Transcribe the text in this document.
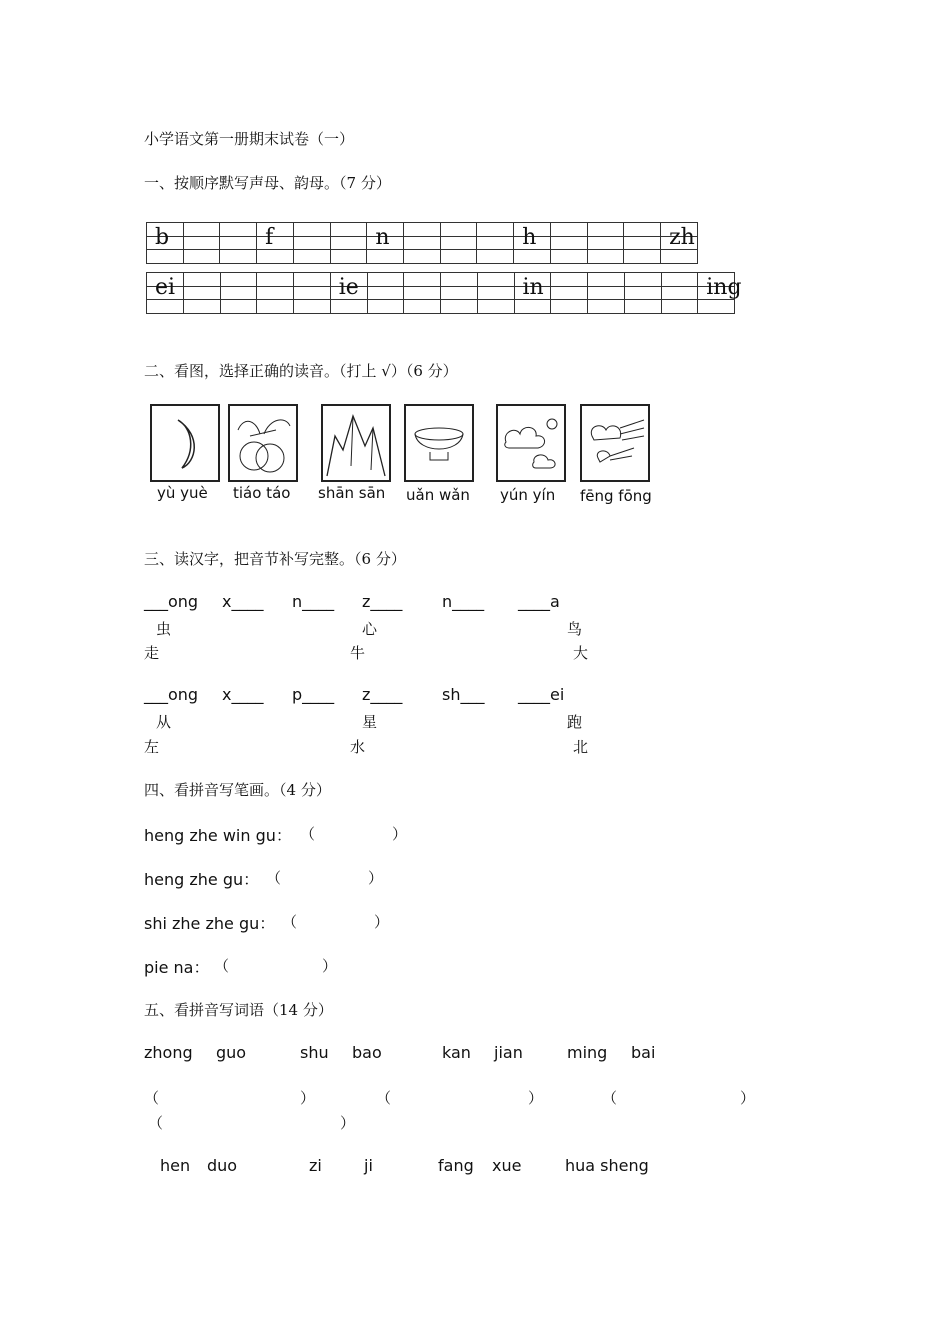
小学语文第一册期末试卷（一）
一、按顺序默写声母、韵母。（7 分）
b			f			n				h				zh
ei					ie					in					ing
二、看图，选择正确的读音。（打上 √）（6 分）
yù yuè tiáo táo shān sān uǎn wǎn yún yín fēng fōng
三、读汉字，把音节补写完整。（6 分）
___ong x____ n____ z____ n____ ____a
虫	心	鸟
走	牛	大
___ong x____ p____ z____ sh___ ____ei
从	星	跑
左	水	北
四、看拼音写笔画。（4 分）
heng zhe win gu： （	）
heng zhe gu： （	）
shi zhe zhe gu： （	）
pie na： （	）
五、看拼音写词语（14 分）
zhong guo	shu bao	kan jian	ming bai
（	）	（	）	（	）
（	）
hen duo	zi	ji	fang xue	hua sheng
